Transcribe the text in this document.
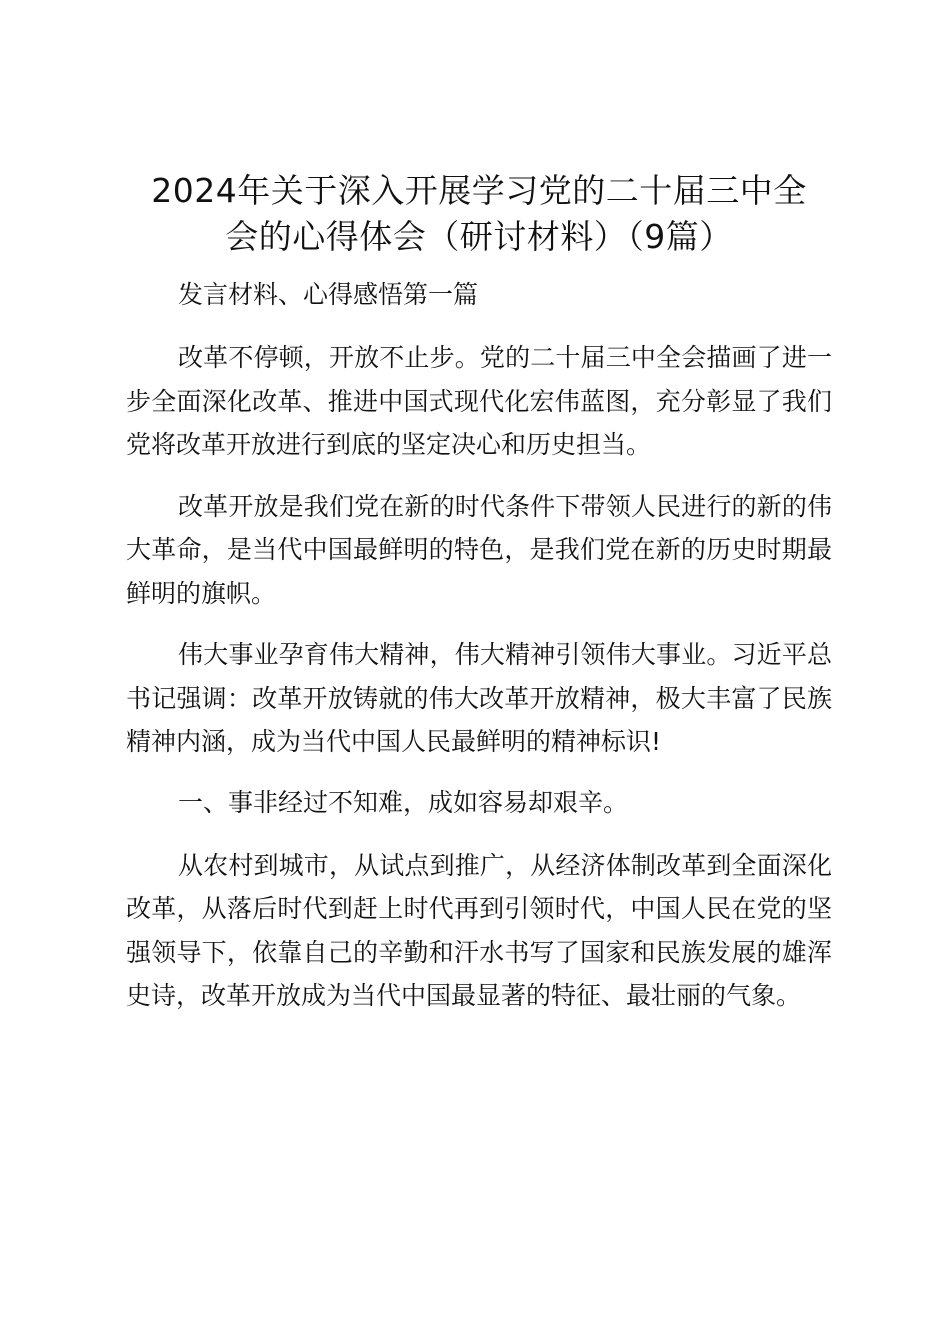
2024年关于深入开展学习党的二十届三中全
会的心得体会（研讨材料）（9篇）

发言材料、心得感悟第一篇

改革不停顿，开放不止步。党的二十届三中全会描画了进一步全面深化改革、推进中国式现代化宏伟蓝图，充分彰显了我们党将改革开放进行到底的坚定决心和历史担当。

改革开放是我们党在新的时代条件下带领人民进行的新的伟大革命，是当代中国最鲜明的特色，是我们党在新的历史时期最鲜明的旗帜。

伟大事业孕育伟大精神，伟大精神引领伟大事业。习近平总书记强调：改革开放铸就的伟大改革开放精神，极大丰富了民族精神内涵，成为当代中国人民最鲜明的精神标识!

一、事非经过不知难，成如容易却艰辛。

从农村到城市，从试点到推广，从经济体制改革到全面深化改革，从落后时代到赶上时代再到引领时代，中国人民在党的坚强领导下，依靠自己的辛勤和汗水书写了国家和民族发展的雄浑史诗，改革开放成为当代中国最显著的特征、最壮丽的气象。
